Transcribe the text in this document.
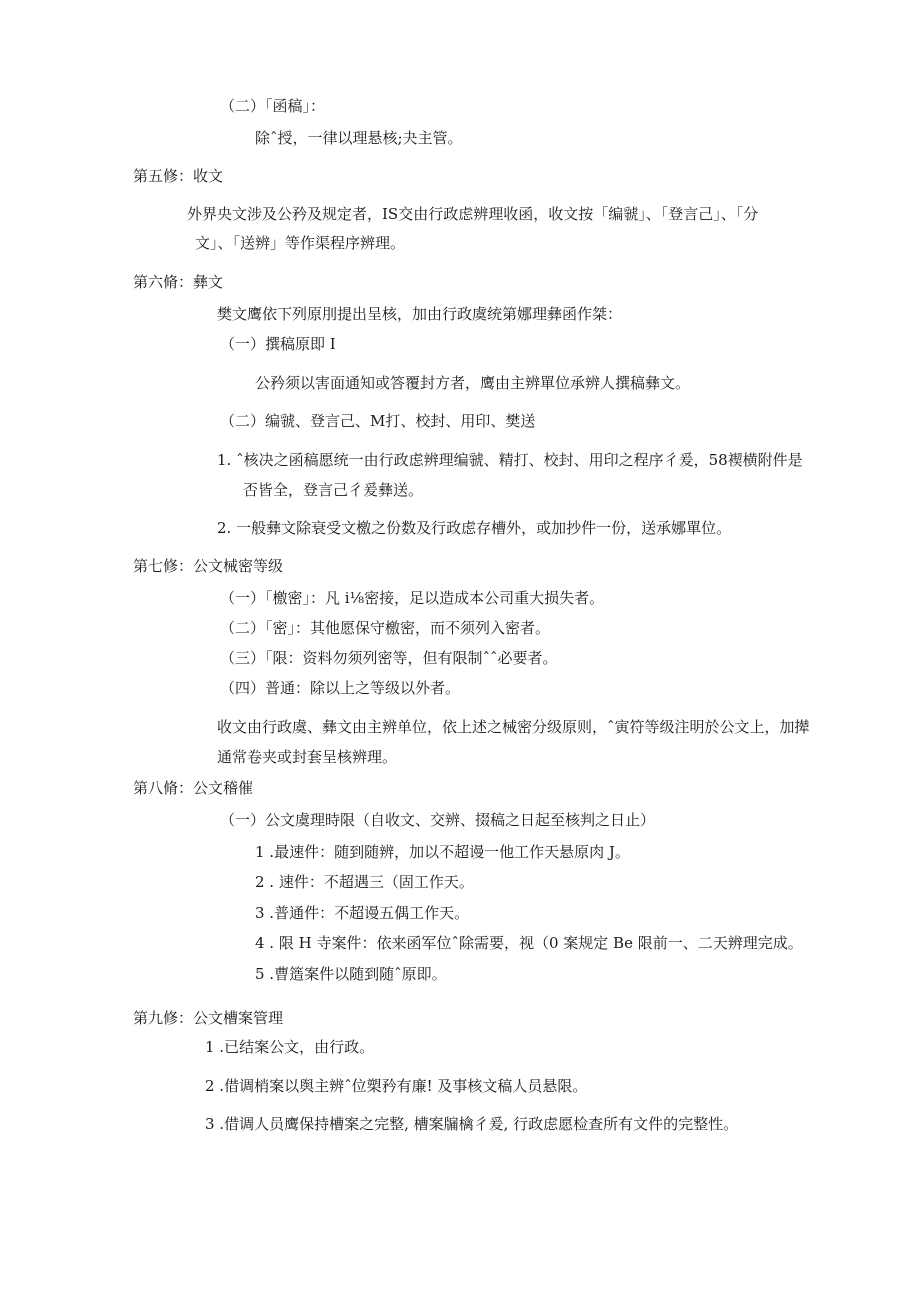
（二）「函稿」：
除ˆ授，一律以理悬核;夬主管。
第五修：收文
外界央文涉及公矜及规定者，IS交由行政虑辨理收函，收文按「编虢」、「登言己」、「分
文」、「送辨」等作渠程序辨理。
第六脩：彝文
樊文鹰依下列原刖提出呈核，加由行政虞统第娜理彝函作桀：
（一）撰稿原即 I
公矜须以害面通知或答覆封方者，鹰由主辨單位承辨人撰稿彝文。
（二）编虢、登言己、M打、校封、用印、樊送
1. ˆ核决之函稿愿统一由行政虑辨理编虢、精打、校封、用印之程序彳爰，58褉横附件是
否皆全，登言己彳爰彝送。
2. 一般彝文除衰受文檄之份数及行政虑存槽外，或加抄件一份，送承娜單位。
第七修：公文械密等级
（一）「檄密」：凡 i⅛密接，足以造成本公司重大损失者。
（二）「密」：其他愿保守檄密，而不须列入密者。
（三）「限：资料勿须列密等，但有限制ˆˆ必要者。
（四）普通：除以上之等级以外者。
收文由行政虞、彝文由主辨单位，依上述之械密分级原则，ˆ寅符等级注明於公文上，加撵
通常卷夹或封套呈核辨理。
第八脩：公文稽催
（一）公文虞理時限（自收文、交辨、掇稿之日起至核判之日止）
1 .最速件：随到随辨，加以不超谩一他工作天悬原肉 J。
2 . 速件：不超遇三（固工作天。
3 .普通件：不超谩五偶工作天。
4 . 限 H 寺案件：依来函军位ˆ除需要，视（0 案规定 Be 限前一、二天辨理完成。
5 .曹簉案件以随到随ˆ原即。
第九修：公文槽案管理
1 .已结案公文，由行政。
2 .借调梢案以舆主辨ˆ位槊矜有廉! 及事核文稿人员悬限。
3 .借调人员鹰保持槽案之完整, 槽案牖檎彳爰, 行政虑愿检查所有文件的完整性。
